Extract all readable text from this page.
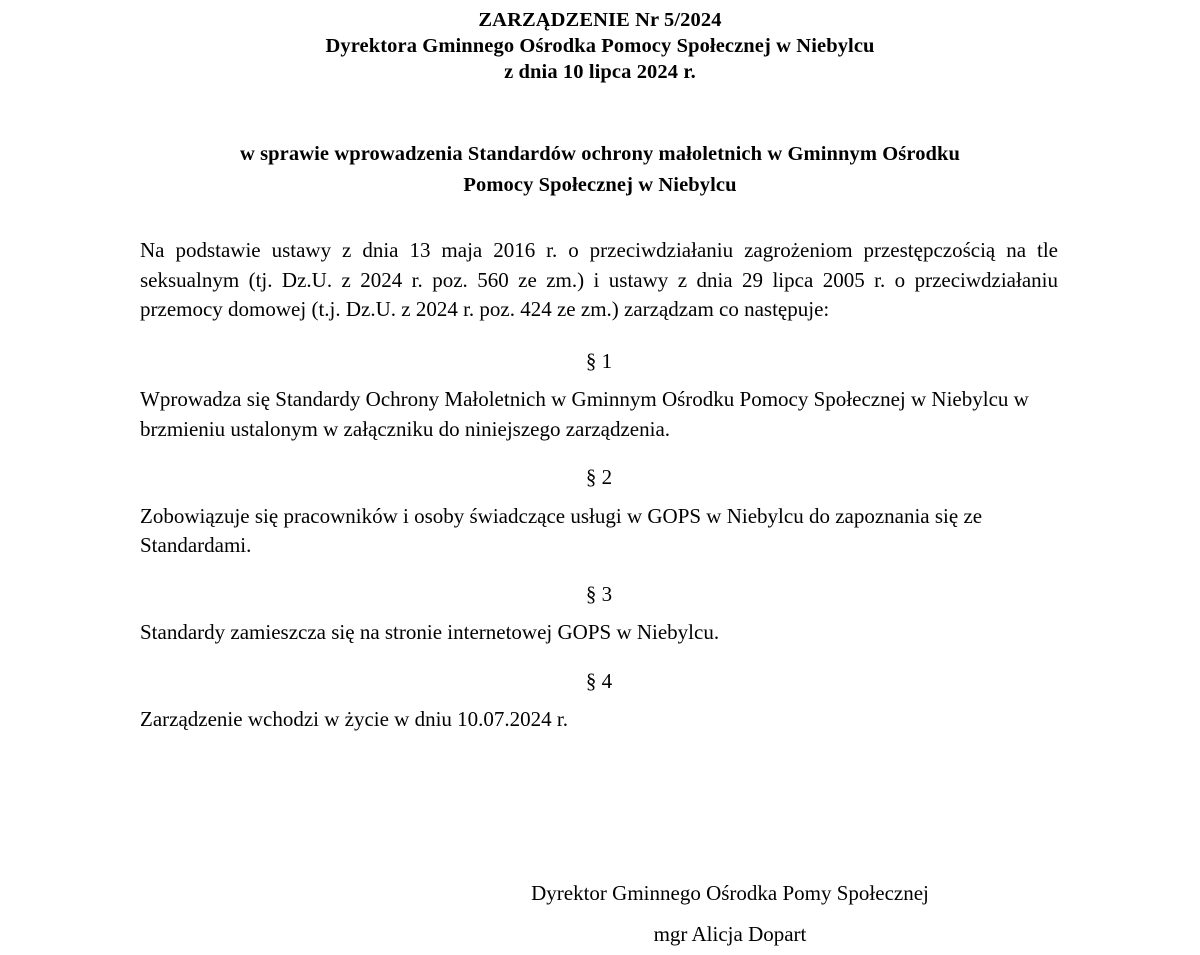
ZARZĄDZENIE Nr 5/2024
Dyrektora Gminnego Ośrodka Pomocy Społecznej w Niebylcu
z dnia 10 lipca 2024 r.
w sprawie wprowadzenia Standardów ochrony małoletnich w Gminnym Ośrodku
Pomocy Społecznej w Niebylcu

Na podstawie ustawy z dnia 13 maja 2016 r. o przeciwdziałaniu zagrożeniom przestępczością na tle seksualnym (tj. Dz.U. z 2024 r. poz. 560 ze zm.) i ustawy z dnia 29 lipca 2005 r. o przeciwdziałaniu przemocy domowej (t.j. Dz.U. z 2024 r. poz. 424 ze zm.) zarządzam co następuje:

§ 1

Wprowadza się Standardy Ochrony Małoletnich w Gminnym Ośrodku Pomocy Społecznej w Niebylcu w brzmieniu ustalonym w załączniku do niniejszego zarządzenia.

§ 2

Zobowiązuje się pracowników i osoby świadczące usługi w GOPS w Niebylcu do zapoznania się ze Standardami.

§ 3

Standardy zamieszcza się na stronie internetowej GOPS w Niebylcu.

§ 4

Zarządzenie wchodzi w życie w dniu 10.07.2024 r.

Dyrektor Gminnego Ośrodka Pomy Społecznej
mgr Alicja Dopart
